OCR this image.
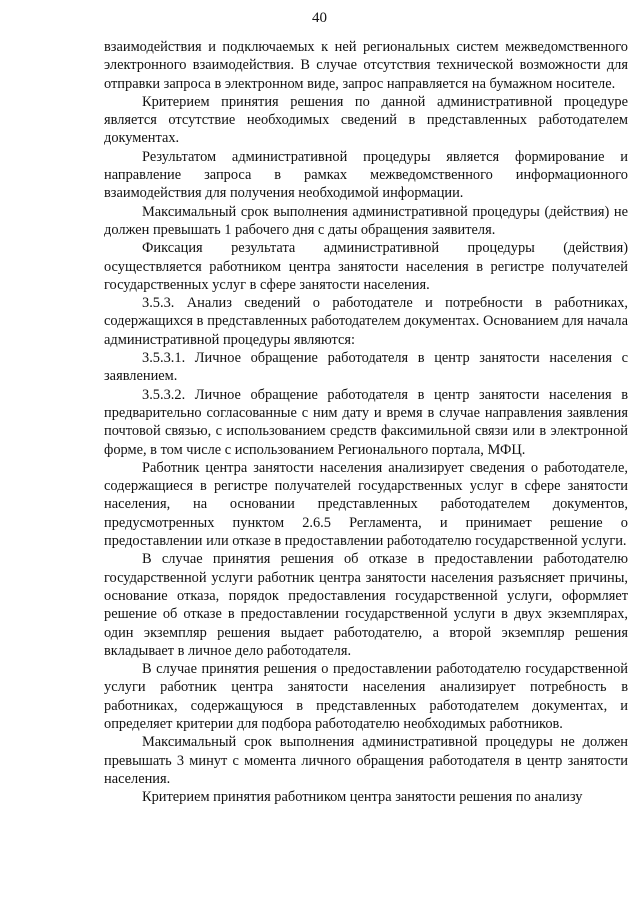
40

взаимодействия и подключаемых к ней региональных систем межведомственного электронного взаимодействия. В случае отсутствия технической возможности для отправки запроса в электронном виде, запрос направляется на бумажном носителе.

Критерием принятия решения по данной административной процедуре является отсутствие необходимых сведений в представленных работодателем документах.

Результатом административной процедуры является формирование и направление запроса в рамках межведомственного информационного взаимодействия для получения необходимой информации.

Максимальный срок выполнения административной процедуры (действия) не должен превышать 1 рабочего дня с даты обращения заявителя.

Фиксация результата административной процедуры (действия) осуществляется работником центра занятости населения в регистре получателей государственных услуг в сфере занятости населения.

3.5.3. Анализ сведений о работодателе и потребности в работниках, содержащихся в представленных работодателем документах. Основанием для начала административной процедуры являются:

3.5.3.1. Личное обращение работодателя в центр занятости населения с заявлением.

3.5.3.2. Личное обращение работодателя в центр занятости населения в предварительно согласованные с ним дату и время в случае направления заявления почтовой связью, с использованием средств факсимильной связи или в электронной форме, в том числе с использованием Регионального портала, МФЦ.

Работник центра занятости населения анализирует сведения о работодателе, содержащиеся в регистре получателей государственных услуг в сфере занятости населения, на основании представленных работодателем документов, предусмотренных пунктом 2.6.5 Регламента, и принимает решение о предоставлении или отказе в предоставлении работодателю государственной услуги.

В случае принятия решения об отказе в предоставлении работодателю государственной услуги работник центра занятости населения разъясняет причины, основание отказа, порядок предоставления государственной услуги, оформляет решение об отказе в предоставлении государственной услуги в двух экземплярах, один экземпляр решения выдает работодателю, а второй экземпляр решения вкладывает в личное дело работодателя.

В случае принятия решения о предоставлении работодателю государственной услуги работник центра занятости населения анализирует потребность в работниках, содержащуюся в представленных работодателем документах, и определяет критерии для подбора работодателю необходимых работников.

Максимальный срок выполнения административной процедуры не должен превышать 3 минут с момента личного обращения работодателя в центр занятости населения.

Критерием принятия работником центра занятости решения по анализу
